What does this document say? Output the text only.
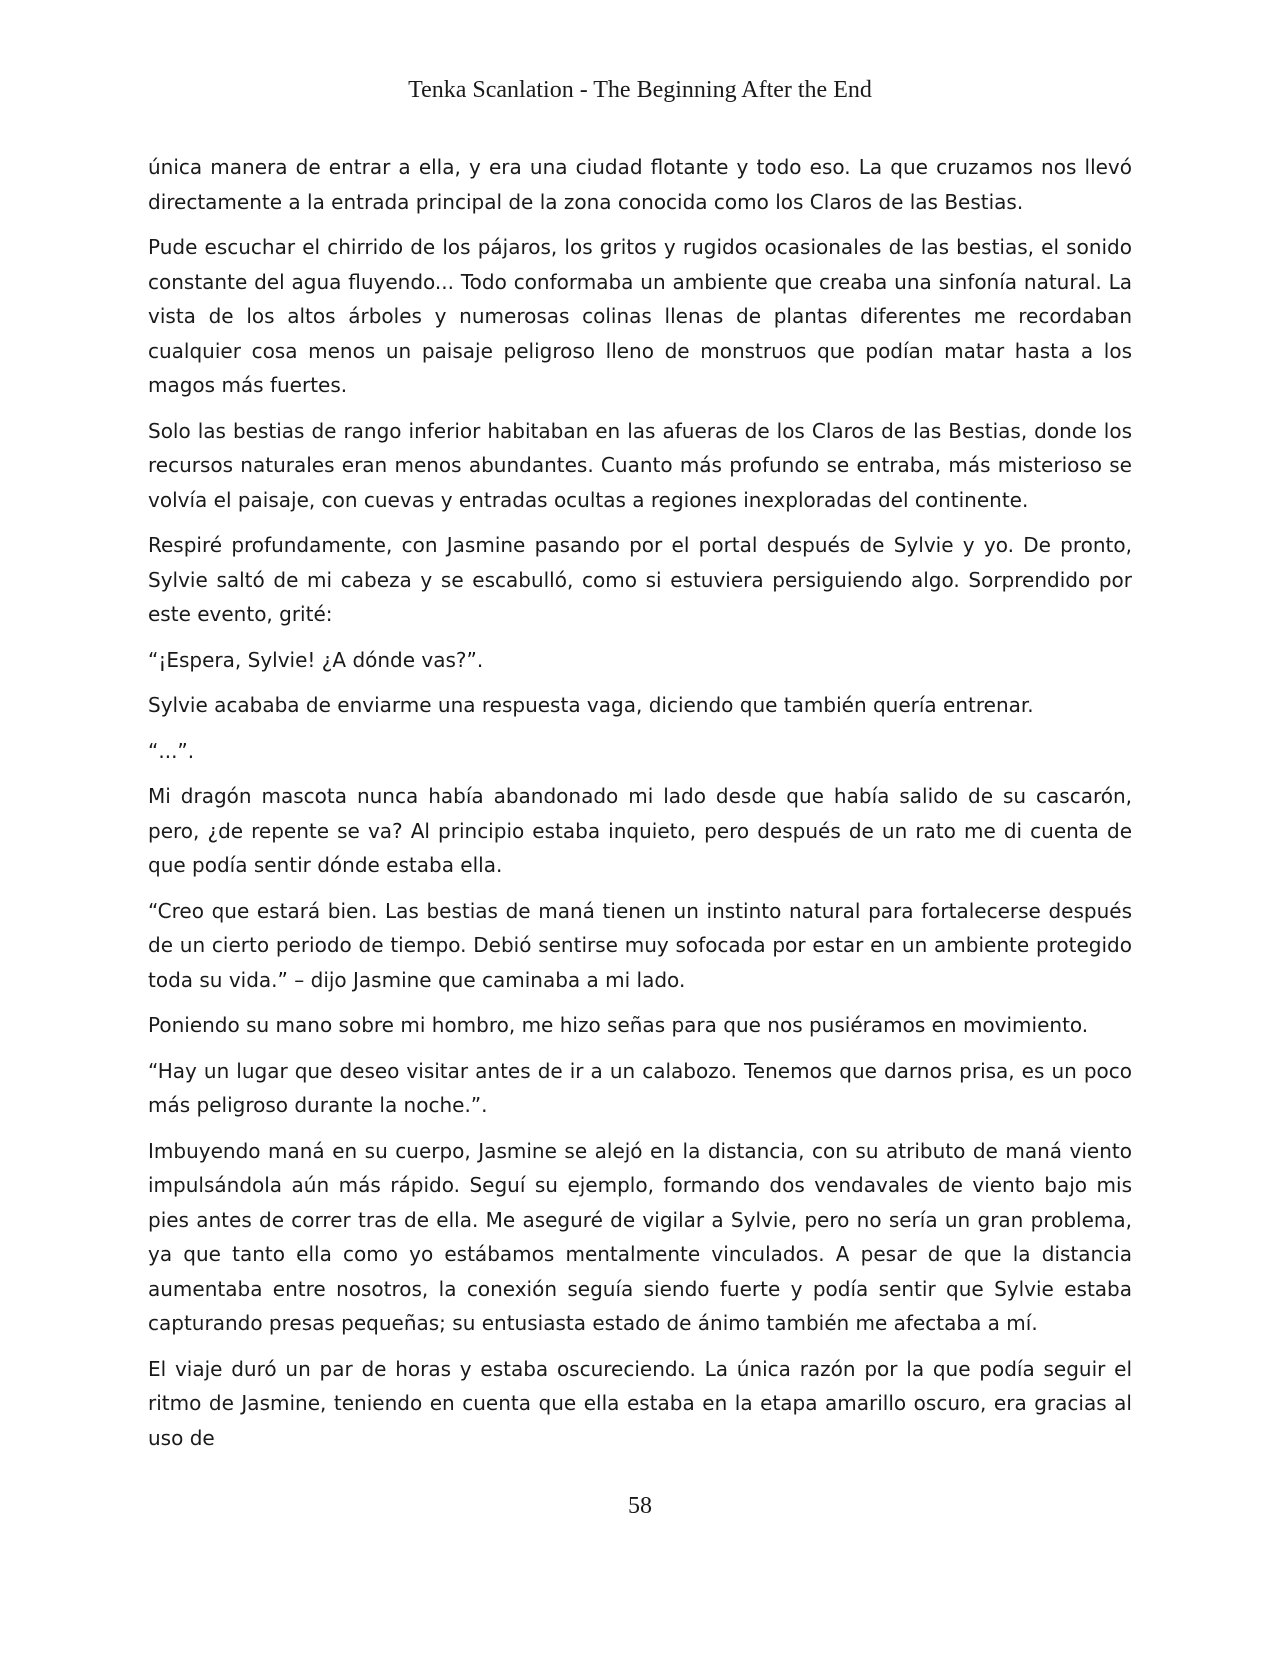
Tenka Scanlation - The Beginning After the End

única manera de entrar a ella, y era una ciudad flotante y todo eso. La que cruzamos nos llevó directamente a la entrada principal de la zona conocida como los Claros de las Bestias.

Pude escuchar el chirrido de los pájaros, los gritos y rugidos ocasionales de las bestias, el sonido constante del agua fluyendo... Todo conformaba un ambiente que creaba una sinfonía natural. La vista de los altos árboles y numerosas colinas llenas de plantas diferentes me recordaban cualquier cosa menos un paisaje peligroso lleno de monstruos que podían matar hasta a los magos más fuertes.

Solo las bestias de rango inferior habitaban en las afueras de los Claros de las Bestias, donde los recursos naturales eran menos abundantes. Cuanto más profundo se entraba, más misterioso se volvía el paisaje, con cuevas y entradas ocultas a regiones inexploradas del continente.

Respiré profundamente, con Jasmine pasando por el portal después de Sylvie y yo. De pronto, Sylvie saltó de mi cabeza y se escabulló, como si estuviera persiguiendo algo. Sorprendido por este evento, grité:

“¡Espera, Sylvie! ¿A dónde vas?”.

Sylvie acababa de enviarme una respuesta vaga, diciendo que también quería entrenar.

“...”.

Mi dragón mascota nunca había abandonado mi lado desde que había salido de su cascarón, pero, ¿de repente se va? Al principio estaba inquieto, pero después de un rato me di cuenta de que podía sentir dónde estaba ella.

“Creo que estará bien. Las bestias de maná tienen un instinto natural para fortalecerse después de un cierto periodo de tiempo. Debió sentirse muy sofocada por estar en un ambiente protegido toda su vida.” – dijo Jasmine que caminaba a mi lado.

Poniendo su mano sobre mi hombro, me hizo señas para que nos pusiéramos en movimiento.

“Hay un lugar que deseo visitar antes de ir a un calabozo. Tenemos que darnos prisa, es un poco más peligroso durante la noche.”.

Imbuyendo maná en su cuerpo, Jasmine se alejó en la distancia, con su atributo de maná viento impulsándola aún más rápido. Seguí su ejemplo, formando dos vendavales de viento bajo mis pies antes de correr tras de ella. Me aseguré de vigilar a Sylvie, pero no sería un gran problema, ya que tanto ella como yo estábamos mentalmente vinculados. A pesar de que la distancia aumentaba entre nosotros, la conexión seguía siendo fuerte y podía sentir que Sylvie estaba capturando presas pequeñas; su entusiasta estado de ánimo también me afectaba a mí.

El viaje duró un par de horas y estaba oscureciendo. La única razón por la que podía seguir el ritmo de Jasmine, teniendo en cuenta que ella estaba en la etapa amarillo oscuro, era gracias al uso de

58
